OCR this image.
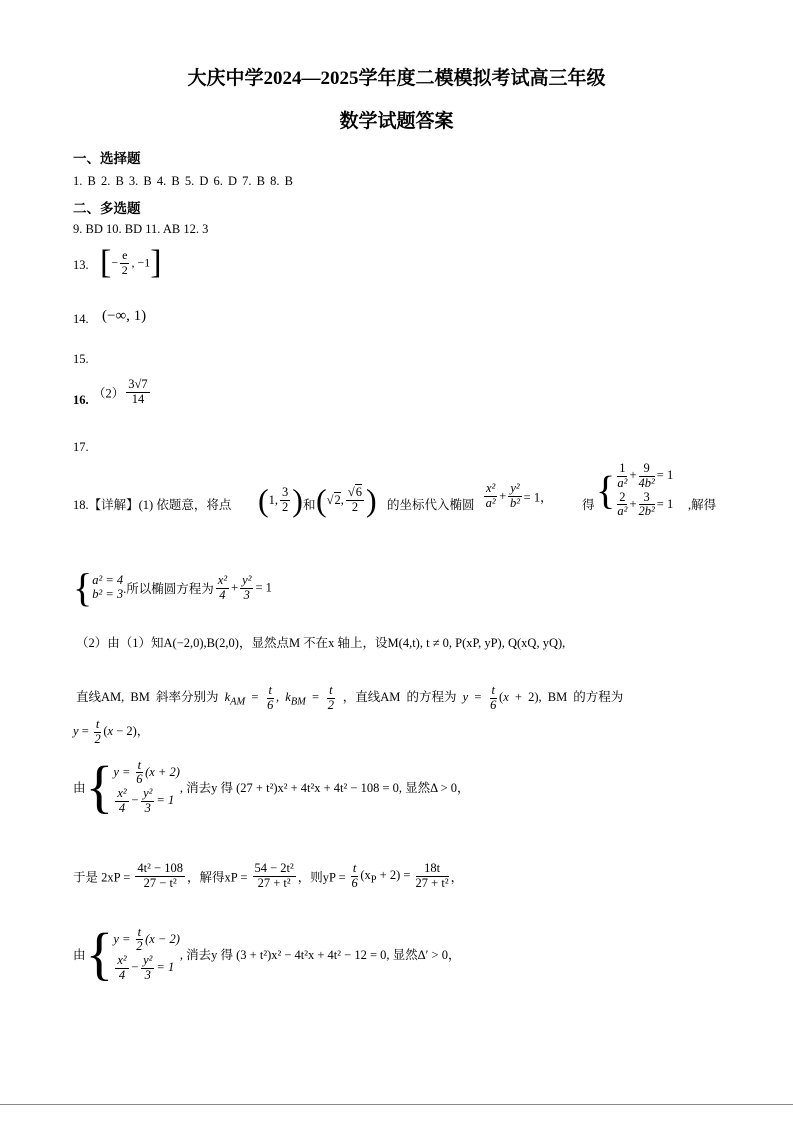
大庆中学2024—2025学年度二模模拟考试高三年级
数学试题答案
一、选择题
1. B 2. B 3. B 4. B 5. D 6. D 7. B 8. B
二、多选题
9. BD 10. BD 11. AB 12. 3
13. [− $\frac{e}{2}$ , −1]
14. (−∞, 1)
15.
16. $(2) \frac{3√7}{14}$
17.
18.【详解】(1) 依题意，将点 (1, $\frac{3}{2}$ ) 和 (√2, $\frac{√6}{2}$ ) 的坐标代入椭圆 $\frac{\text{x²}}{\text{a²}} + \frac{\text{y²}}{\text{b²}} = 1$，
得 { $\frac{1}{\text{a²}} + \frac{9}{\text{4b²}} = 1$
$\frac{2}{\text{a²}} + \frac{3}{\text{2b²}} = 1$ ,解得
{ a² = 4
b² = 3 .所以椭圆方程为 $\frac{\text{x²}}{4} + \frac{\text{y²}}{3} = 1$
（2）由（1）知A(−2,0),B(2,0)，显然点M 不在x 轴上，设M(4,t), t ≠ 0, P(xP, yP), Q(xQ, yQ),
直线AM, BM 斜率分别为 $k_{AM} = \frac{t}{6}$ , $k_{BM} = \frac{t}{2}$ ，直线AM 的方程为 $y = \frac{t}{6} (x + 2)$, BM 的方程为
$y = \frac{t}{2} (x - 2)$，
由{ $y = \frac{t}{6} (x + 2)$
$\frac{\text{x²}}{4} - \frac{\text{y²}}{3} = 1$
, 消去y 得 (27 + t²)x² + 4t²x + 4t² − 108 = 0, 显然Δ > 0，
于是 $2xP = \frac{\text{4t² − 108}}{\text{27 − t²}}$ ，解得xP = $\frac{\text{54 − 2t²}}{\text{27 + t²}}$ ，则yP = $\frac{t}{6} (x_P + 2) = \frac{18t}{\text{27 + t²}}$ ，
由{ $y = \frac{t}{2} (x - 2)$
$\frac{\text{x²}}{4} - \frac{\text{y²}}{3} = 1$
, 消去y 得 (3 + t²)x² − 4t²x + 4t² − 12 = 0, 显然Δ′ > 0，
